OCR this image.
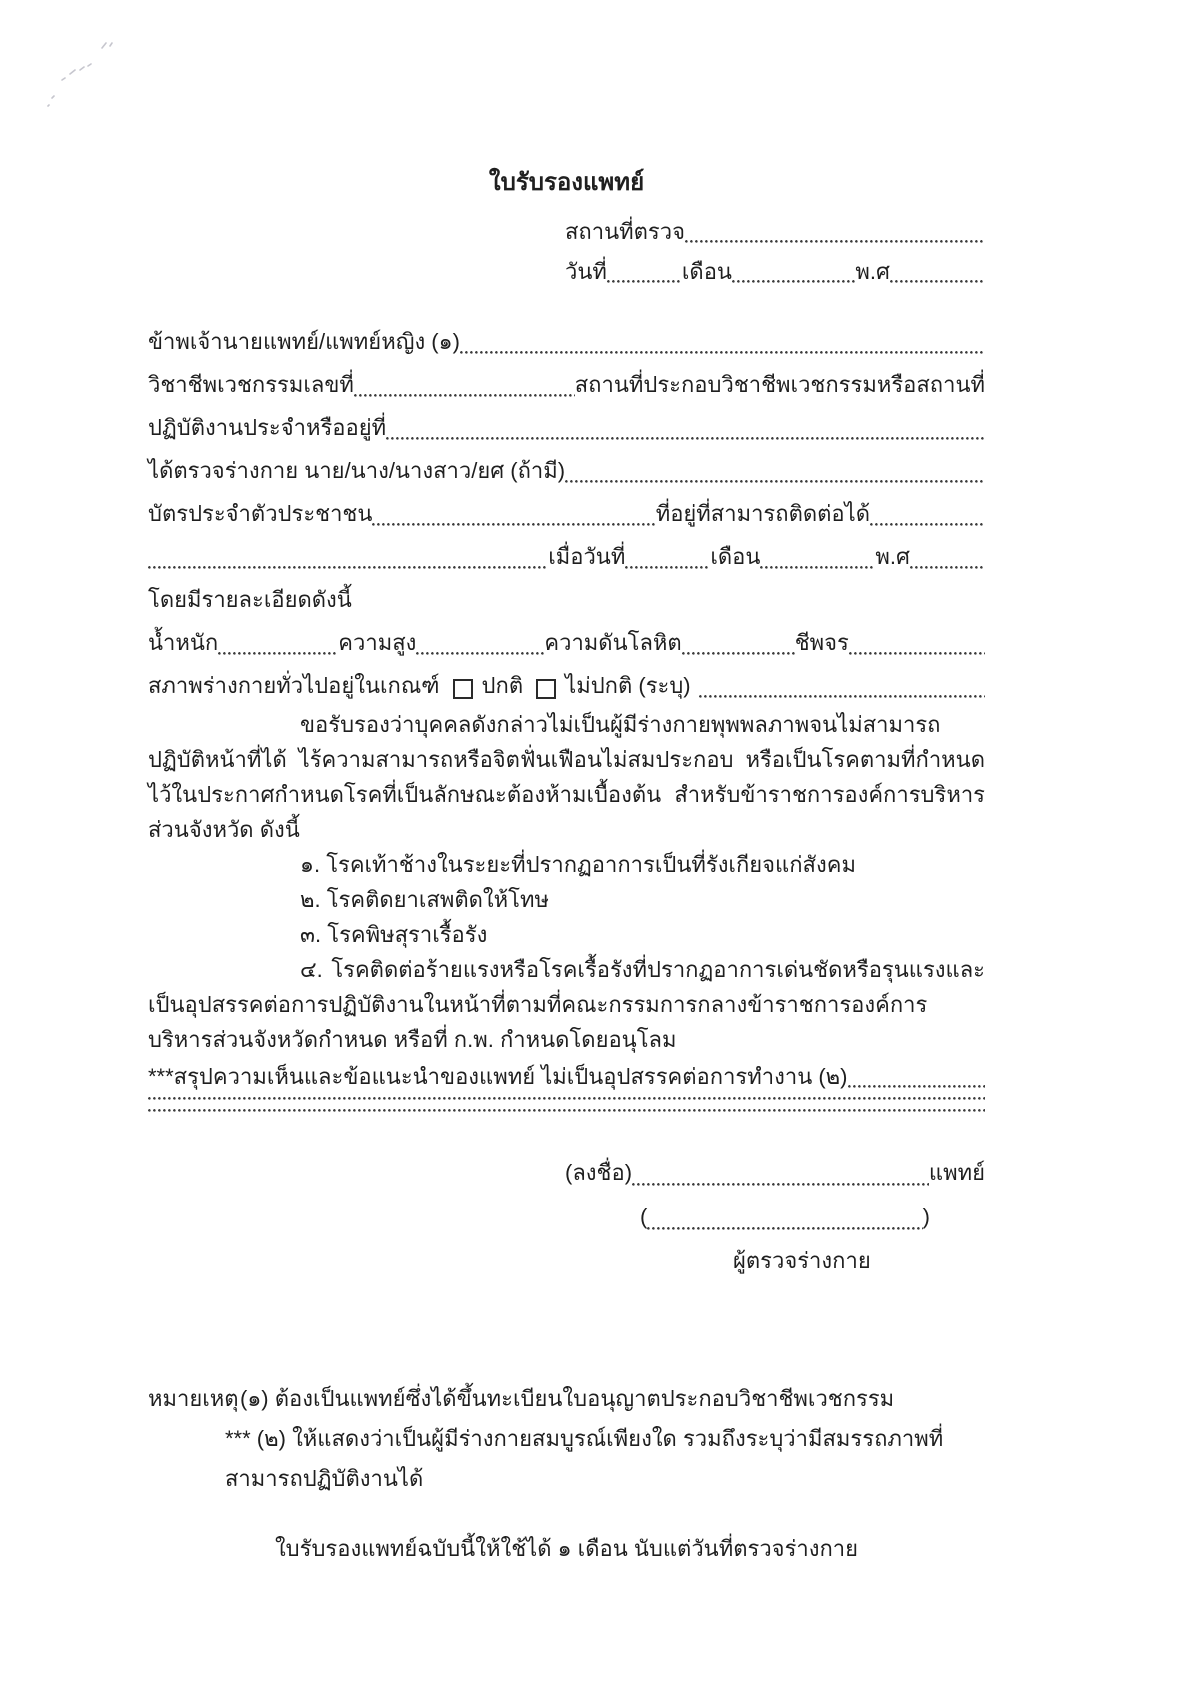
ใบรับรองแพทย์
สถานที่ตรวจ
วันที่	เดือน	พ.ศ
ข้าพเจ้านายแพทย์/แพทย์หญิง (๑)
วิชาชีพเวชกรรมเลขที่	สถานที่ประกอบวิชาชีพเวชกรรมหรือสถานที่
ปฏิบัติงานประจำหรืออยู่ที่
ได้ตรวจร่างกาย นาย/นาง/นางสาว/ยศ (ถ้ามี)
บัตรประจำตัวประชาชน	ที่อยู่ที่สามารถติดต่อได้
เมื่อวันที่	เดือน	พ.ศ
โดยมีรายละเอียดดังนี้
น้ำหนัก	ความสูง	ความดันโลหิต	ชีพจร
สภาพร่างกายทั่วไปอยู่ในเกณฑ์ ปกติ ไม่ปกติ (ระบุ)

ขอรับรองว่าบุคคลดังกล่าวไม่เป็นผู้มีร่างกายพุพพลภาพจนไม่สามารถปฏิบัติหน้าที่ได้ ไร้ความสามารถหรือจิตฟั่นเฟือนไม่สมประกอบ หรือเป็นโรคตามที่กำหนดไว้ในประกาศกำหนดโรคที่เป็นลักษณะต้องห้ามเบื้องต้น สำหรับข้าราชการองค์การบริหารส่วนจังหวัด ดังนี้

๑. โรคเท้าช้างในระยะที่ปรากฏอาการเป็นที่รังเกียจแก่สังคม
๒. โรคติดยาเสพติดให้โทษ
๓. โรคพิษสุราเรื้อรัง

๔. โรคติดต่อร้ายแรงหรือโรคเรื้อรังที่ปรากฏอาการเด่นชัดหรือรุนแรงและเป็นอุปสรรคต่อการปฏิบัติงานในหน้าที่ตามที่คณะกรรมการกลางข้าราชการองค์การบริหารส่วนจังหวัดกำหนด หรือที่ ก.พ. กำหนดโดยอนุโลม

***สรุปความเห็นและข้อแนะนำของแพทย์ ไม่เป็นอุปสรรคต่อการทำงาน (๒)
(ลงชื่อ)	แพทย์
(	)
ผู้ตรวจร่างกาย
หมายเหตุ (๑) ต้องเป็นแพทย์ซึ่งได้ขึ้นทะเบียนใบอนุญาตประกอบวิชาชีพเวชกรรม
*** (๒) ให้แสดงว่าเป็นผู้มีร่างกายสมบูรณ์เพียงใด รวมถึงระบุว่ามีสมรรถภาพที่สามารถปฏิบัติงานได้
ใบรับรองแพทย์ฉบับนี้ให้ใช้ได้ ๑ เดือน นับแต่วันที่ตรวจร่างกาย
